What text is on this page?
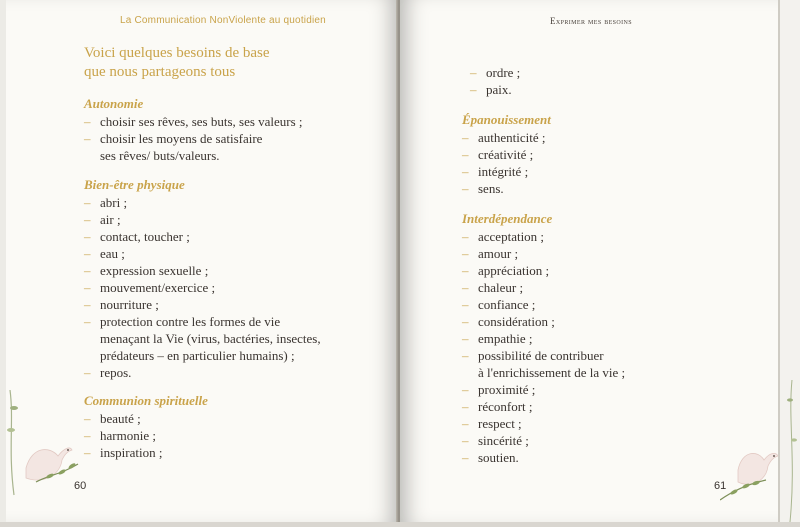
La Communication NonViolente au quotidien
Voici quelques besoins de base
que nous partageons tous
Autonomie
– choisir ses rêves, ses buts, ses valeurs ;
– choisir les moyens de satisfaire
ses rêves/ buts/valeurs.
Bien-être physique
– abri ;
– air ;
– contact, toucher ;
– eau ;
– expression sexuelle ;
– mouvement/exercice ;
– nourriture ;
– protection contre les formes de vie
menaçant la Vie (virus, bactéries, insectes,
prédateurs – en particulier humains) ;
– repos.
Communion spirituelle
– beauté ;
– harmonie ;
– inspiration ;
60
Exprimer mes besoins
– ordre ;
– paix.
Épanouissement
– authenticité ;
– créativité ;
– intégrité ;
– sens.
Interdépendance
– acceptation ;
– amour ;
– appréciation ;
– chaleur ;
– confiance ;
– considération ;
– empathie ;
– possibilité de contribuer
à l'enrichissement de la vie ;
– proximité ;
– réconfort ;
– respect ;
– sincérité ;
– soutien.
61
